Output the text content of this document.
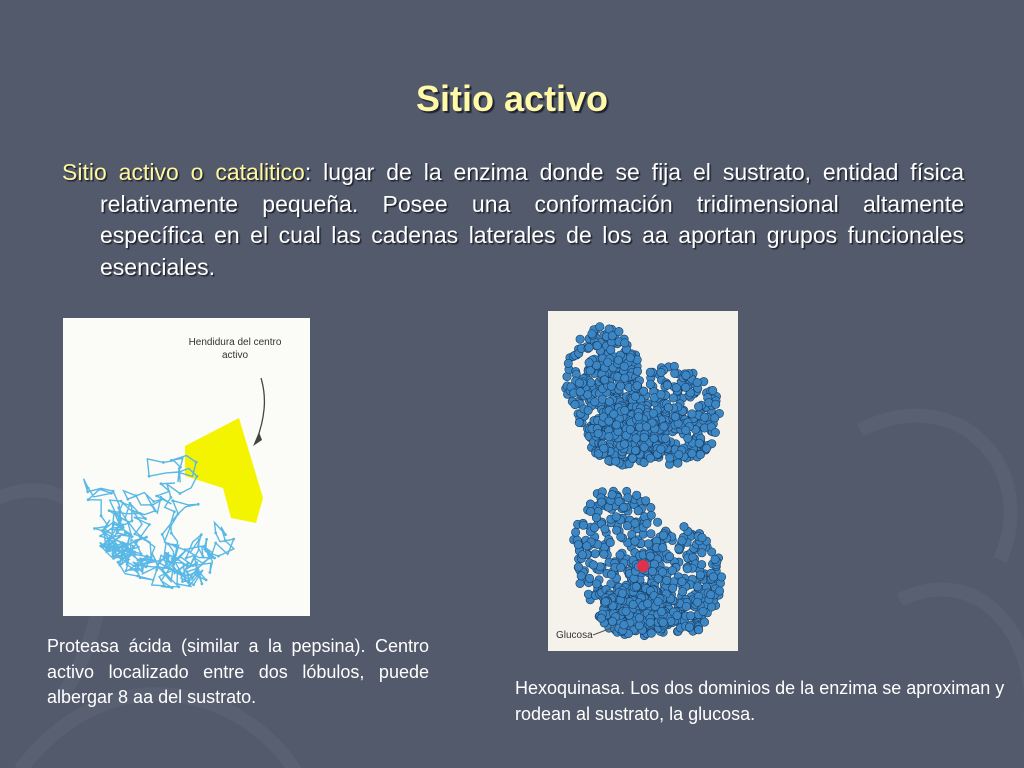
Sitio activo
Sitio activo o catalitico: lugar de la enzima donde se fija el sustrato, entidad física relativamente pequeña. Posee una conformación tridimensional altamente específica en el cual las cadenas laterales de los aa aportan grupos funcionales esenciales.
Hendidura del centro activo
Glucosa
Proteasa ácida (similar a la pepsina). Centro activo localizado entre dos lóbulos, puede albergar 8 aa del sustrato.	Hexoquinasa. Los dos dominios de la enzima se aproximan y rodean al sustrato, la glucosa.
